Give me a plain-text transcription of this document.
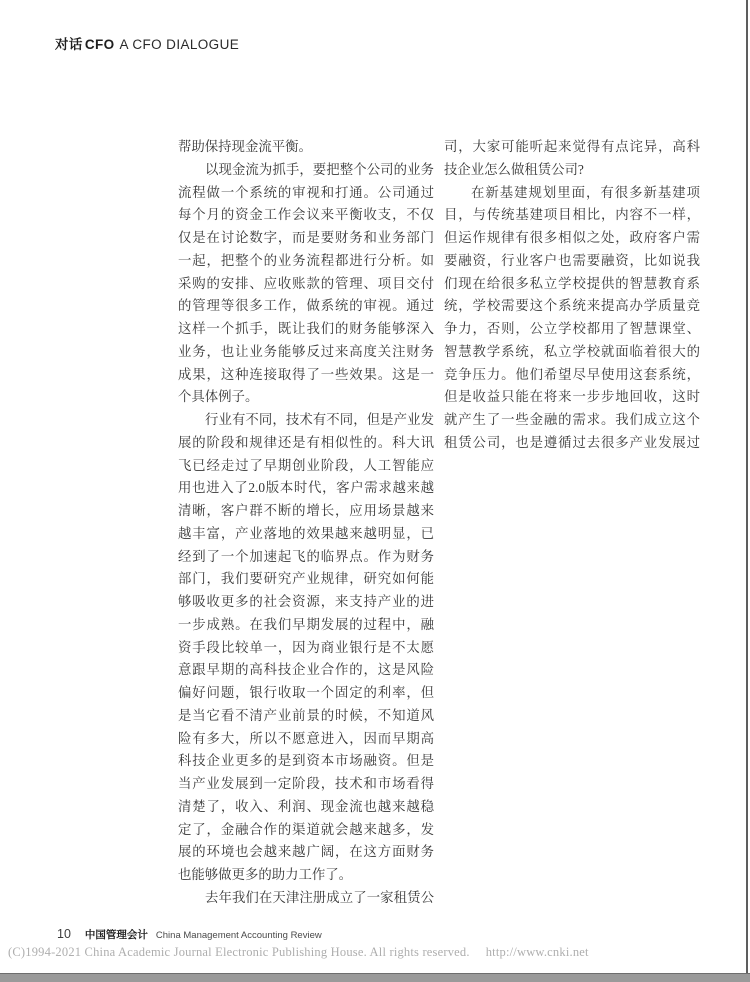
对话 CFO A CFO DIALOGUE
帮助保持现金流平衡。
以现金流为抓手，要把整个公司的业务
流程做一个系统的审视和打通。公司通过
每个月的资金工作会议来平衡收支，不仅
仅是在讨论数字，而是要财务和业务部门
一起，把整个的业务流程都进行分析。如
采购的安排、应收账款的管理、项目交付
的管理等很多工作，做系统的审视。通过
这样一个抓手，既让我们的财务能够深入
业务，也让业务能够反过来高度关注财务
成果，这种连接取得了一些效果。这是一
个具体例子。
行业有不同，技术有不同，但是产业发
展的阶段和规律还是有相似性的。科大讯
飞已经走过了早期创业阶段，人工智能应
用也进入了2.0版本时代，客户需求越来越
清晰，客户群不断的增长，应用场景越来
越丰富，产业落地的效果越来越明显，已
经到了一个加速起飞的临界点。作为财务
部门，我们要研究产业规律，研究如何能
够吸收更多的社会资源，来支持产业的进
一步成熟。在我们早期发展的过程中，融
资手段比较单一，因为商业银行是不太愿
意跟早期的高科技企业合作的，这是风险
偏好问题，银行收取一个固定的利率，但
是当它看不清产业前景的时候，不知道风
险有多大，所以不愿意进入，因而早期高
科技企业更多的是到资本市场融资。但是
当产业发展到一定阶段，技术和市场看得
清楚了，收入、利润、现金流也越来越稳
定了，金融合作的渠道就会越来越多，发
展的环境也会越来越广阔，在这方面财务
也能够做更多的助力工作了。
去年我们在天津注册成立了一家租赁公
司，大家可能听起来觉得有点诧异，高科
技企业怎么做租赁公司?
在新基建规划里面，有很多新基建项
目，与传统基建项目相比，内容不一样，
但运作规律有很多相似之处，政府客户需
要融资，行业客户也需要融资，比如说我
们现在给很多私立学校提供的智慧教育系
统，学校需要这个系统来提高办学质量竞
争力，否则，公立学校都用了智慧课堂、
智慧教学系统，私立学校就面临着很大的
竞争压力。他们希望尽早使用这套系统，
但是收益只能在将来一步步地回收，这时
就产生了一些金融的需求。我们成立这个
租赁公司，也是遵循过去很多产业发展过
10 中国管理会计 China Management Accounting Review
(C)1994-2021 China Academic Journal Electronic Publishing House. All rights reserved. http://www.cnki.net
